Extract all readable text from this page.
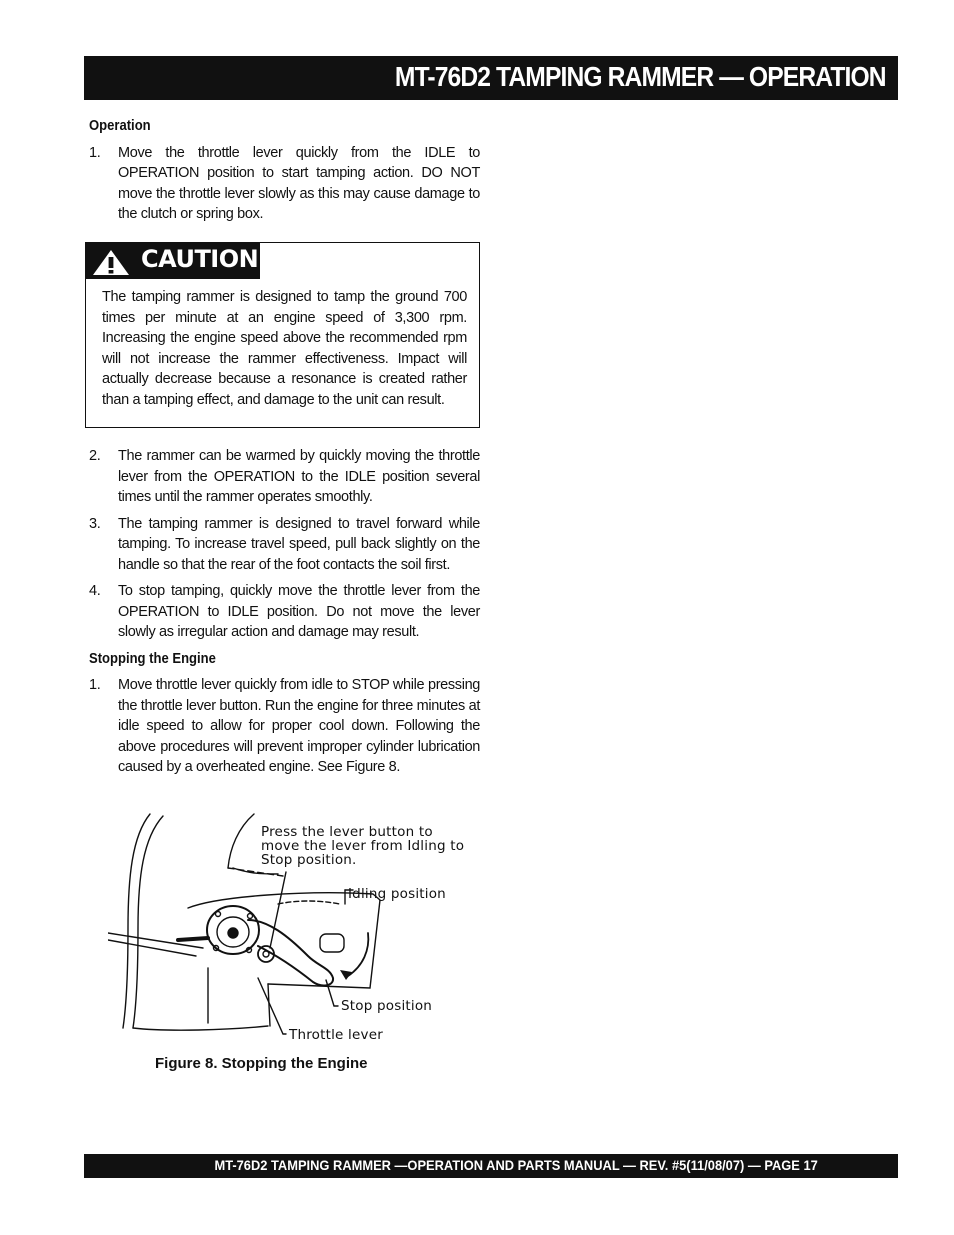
MT-76D2 TAMPING RAMMER — OPERATION

Operation

1. Move the throttle lever quickly from the IDLE to OPERATION position to start tamping action. DO NOT move the throttle lever slowly as this may cause damage to the clutch or spring box.

CAUTION

The tamping rammer is designed to tamp the ground 700 times per minute at an engine speed of 3,300 rpm. Increasing the engine speed above the recommended rpm will not increase the rammer effectiveness. Impact will actually decrease because a resonance is created rather than a tamping effect, and damage to the unit can result.

2. The rammer can be warmed by quickly moving the throttle lever from the OPERATION to the IDLE position several times until the rammer operates smoothly.

3. The tamping rammer is designed to travel forward while tamping. To increase travel speed, pull back slightly on the handle so that the rear of the foot contacts the soil first.

4. To stop tamping, quickly move the throttle lever from the OPERATION to IDLE position. Do not move the lever slowly as irregular action and damage may result.

Stopping the Engine

1. Move throttle lever quickly from idle to STOP while pressing the throttle lever button. Run the engine for three minutes at idle speed to allow for proper cool down. Following the above procedures will prevent improper cylinder lubrication caused by a overheated engine. See Figure 8.

Press the lever button to
move the lever from Idling to
Stop position.
Idling position
Stop position
Throttle lever
Figure 8. Stopping the Engine
MT-76D2 TAMPING RAMMER —OPERATION AND PARTS MANUAL — REV. #5(11/08/07) — PAGE 17
